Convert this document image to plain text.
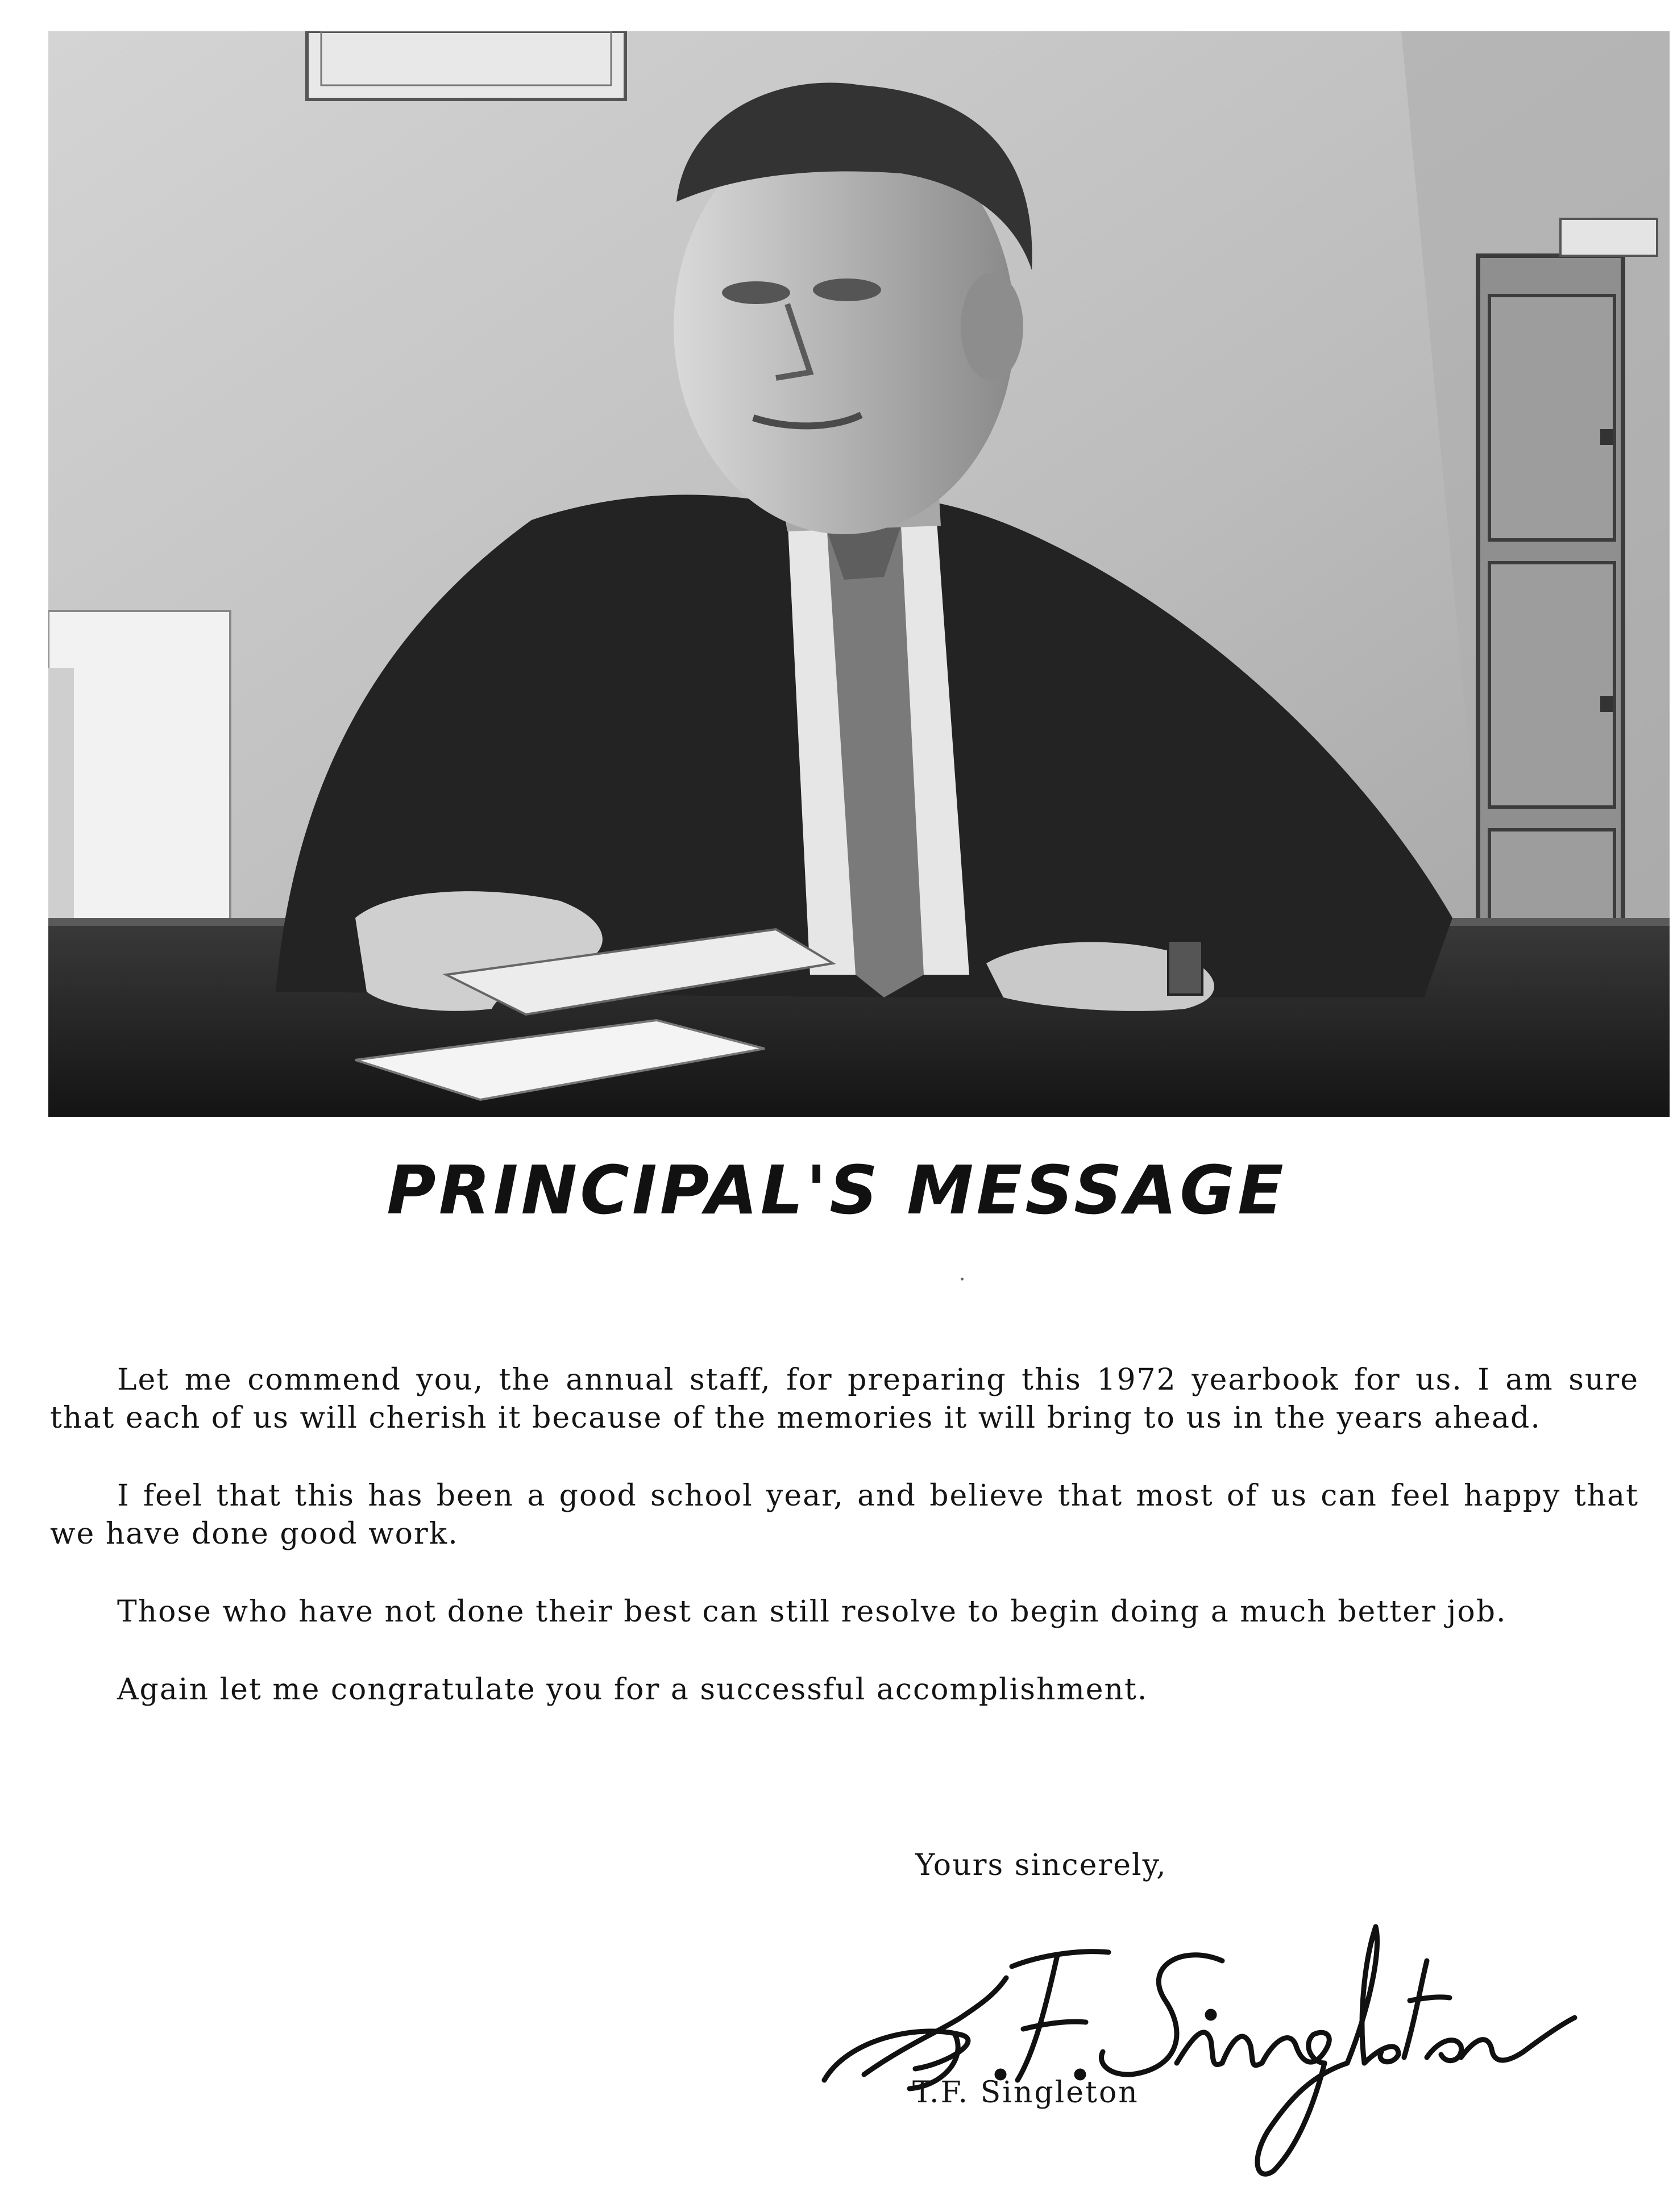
PRINCIPAL'S MESSAGE

Let me commend you, the annual staff, for preparing this 1972 yearbook for us. I am sure that each of us will cherish it because of the memories it will bring to us in the years ahead.

I feel that this has been a good school year, and believe that most of us can feel happy that we have done good work.

Those who have not done their best can still resolve to begin doing a much better job.

Again let me congratulate you for a successful accomplishment.

Yours sincerely,
T.F. Singleton
